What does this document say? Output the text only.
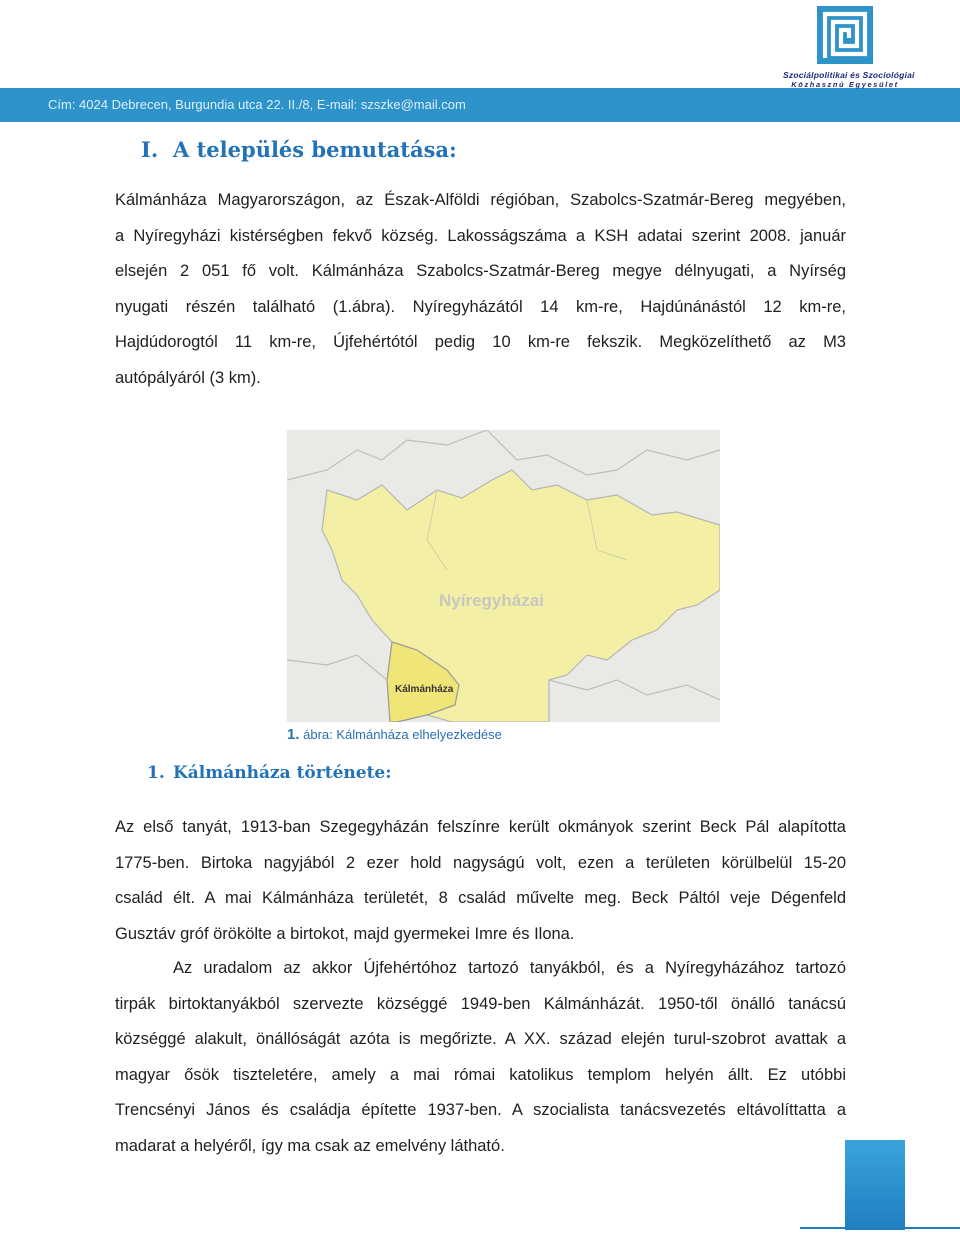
Cím: 4024 Debrecen, Burgundia utca 22. II./8, E-mail: szszke@mail.com
Szociálpolitikai és Szociológiai
Közhasznú Egyesület
I. A település bemutatása:
Kálmánháza Magyarországon, az Észak-Alföldi régióban, Szabolcs-Szatmár-Bereg megyében,
a Nyíregyházi kistérségben fekvő község. Lakosságszáma a KSH adatai szerint 2008. január
elsején 2 051 fő volt. Kálmánháza Szabolcs-Szatmár-Bereg megye délnyugati, a Nyírség
nyugati részén található (1.ábra). Nyíregyházától 14 km-re, Hajdúnánástól 12 km-re,
Hajdúdorogtól 11 km-re, Újfehértótól pedig 10 km-re fekszik. Megközelíthető az M3
autópályáról (3 km).
Nyíregyházai
Kálmánháza
1. ábra: Kálmánháza elhelyezkedése
1. Kálmánháza története:
Az első tanyát, 1913-ban Szegegyházán felszínre került okmányok szerint Beck Pál alapította
1775-ben. Birtoka nagyjából 2 ezer hold nagyságú volt, ezen a területen körülbelül 15-20
család élt. A mai Kálmánháza területét, 8 család művelte meg. Beck Páltól veje Dégenfeld
Gusztáv gróf örökölte a birtokot, majd gyermekei Imre és Ilona.
Az uradalom az akkor Újfehértóhoz tartozó tanyákból, és a Nyíregyházához tartozó
tirpák birtoktanyákból szervezte községgé 1949-ben Kálmánházát. 1950-től önálló tanácsú
községgé alakult, önállóságát azóta is megőrizte. A XX. század elején turul-szobrot avattak a
magyar ősök tiszteletére, amely a mai római katolikus templom helyén állt. Ez utóbbi
Trencsényi János és családja építette 1937-ben. A szocialista tanácsvezetés eltávolíttatta a
madarat a helyéről, így ma csak az emelvény látható.
